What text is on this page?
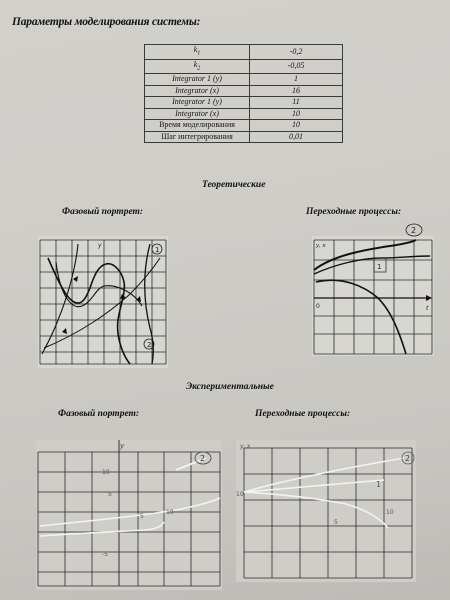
Параметры моделирования системы:
$k_1$	-0,2
$k_2$	-0,05
Integrator 1 (y)	1
Integrator (x)	16
Integrator 1 (y)	11
Integrator (x)	10
Время моделирования	10
Шаг интегрирования	0,01
Теоретические
Фазовый портрет:	Переходные процессы:
y
1
2
y, x
0	t
1
2
Экспериментальные
Фазовый портрет:	Переходные процессы:
y
10
5
-5
5
10
2
y, x
10
5
10
1
2
